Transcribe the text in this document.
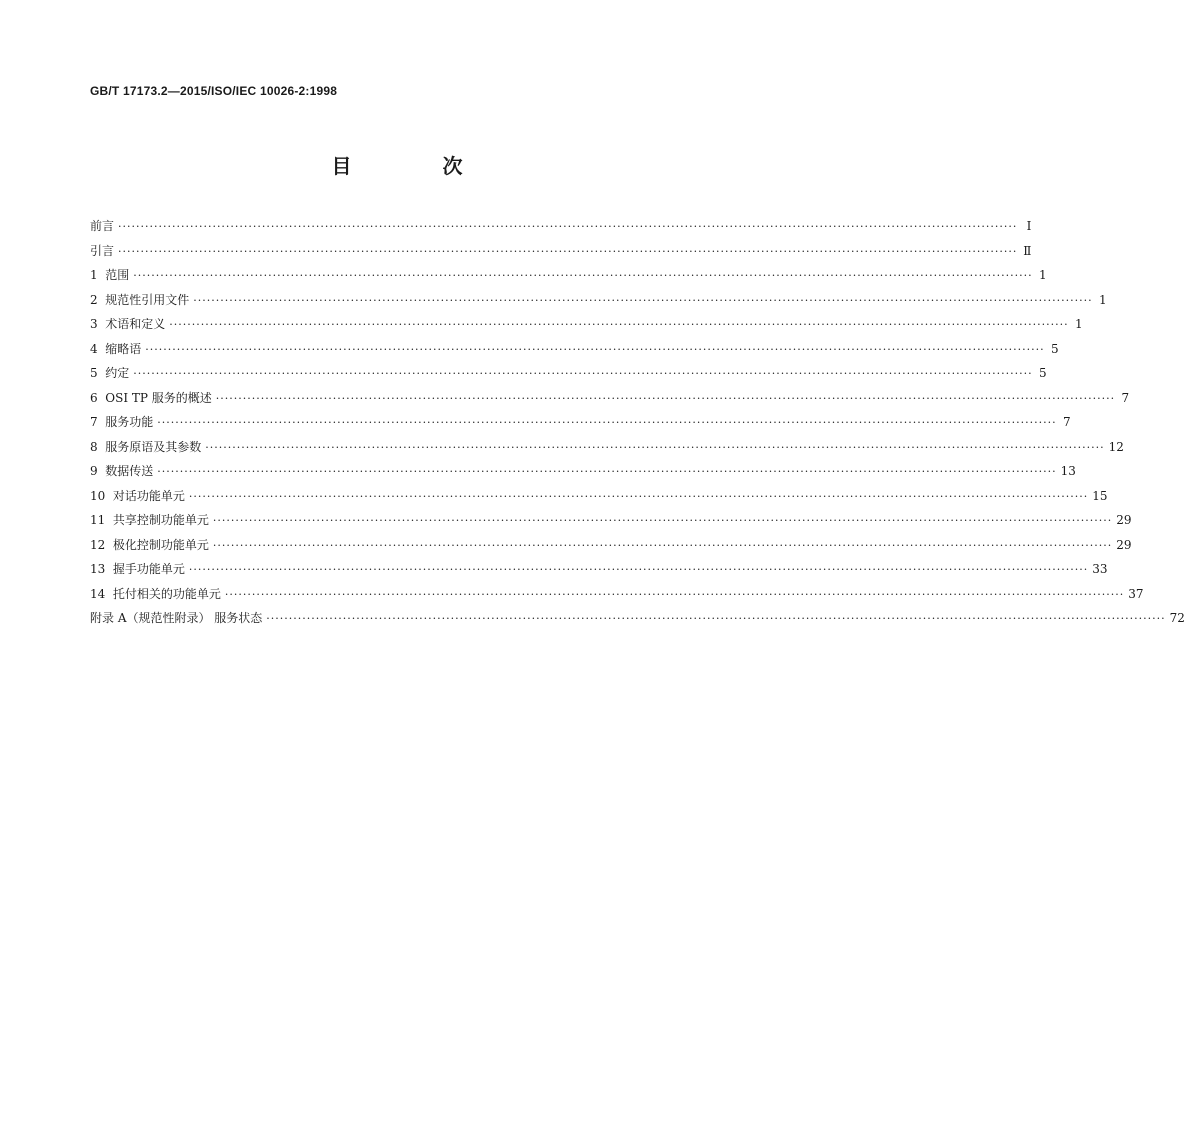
GB/T 17173.2—2015/ISO/IEC 10026-2:1998
目 次
前言 ········································································································································································································ Ⅰ
引言 ········································································································································································································ Ⅱ
1  范围 ········································································································································································································ 1
2  规范性引用文件 ········································································································································································································ 1
3  术语和定义 ········································································································································································································ 1
4  缩略语 ········································································································································································································ 5
5  约定 ········································································································································································································ 5
6  OSI TP 服务的概述 ········································································································································································································ 7
7  服务功能 ········································································································································································································ 7
8  服务原语及其参数 ········································································································································································································ 12
9  数据传送 ········································································································································································································ 13
10  对话功能单元 ········································································································································································································ 15
11  共享控制功能单元 ········································································································································································································ 29
12  极化控制功能单元 ········································································································································································································ 29
13  握手功能单元 ········································································································································································································ 33
14  托付相关的功能单元 ········································································································································································································ 37
附录 A（规范性附录） 服务状态 ········································································································································································································ 72
